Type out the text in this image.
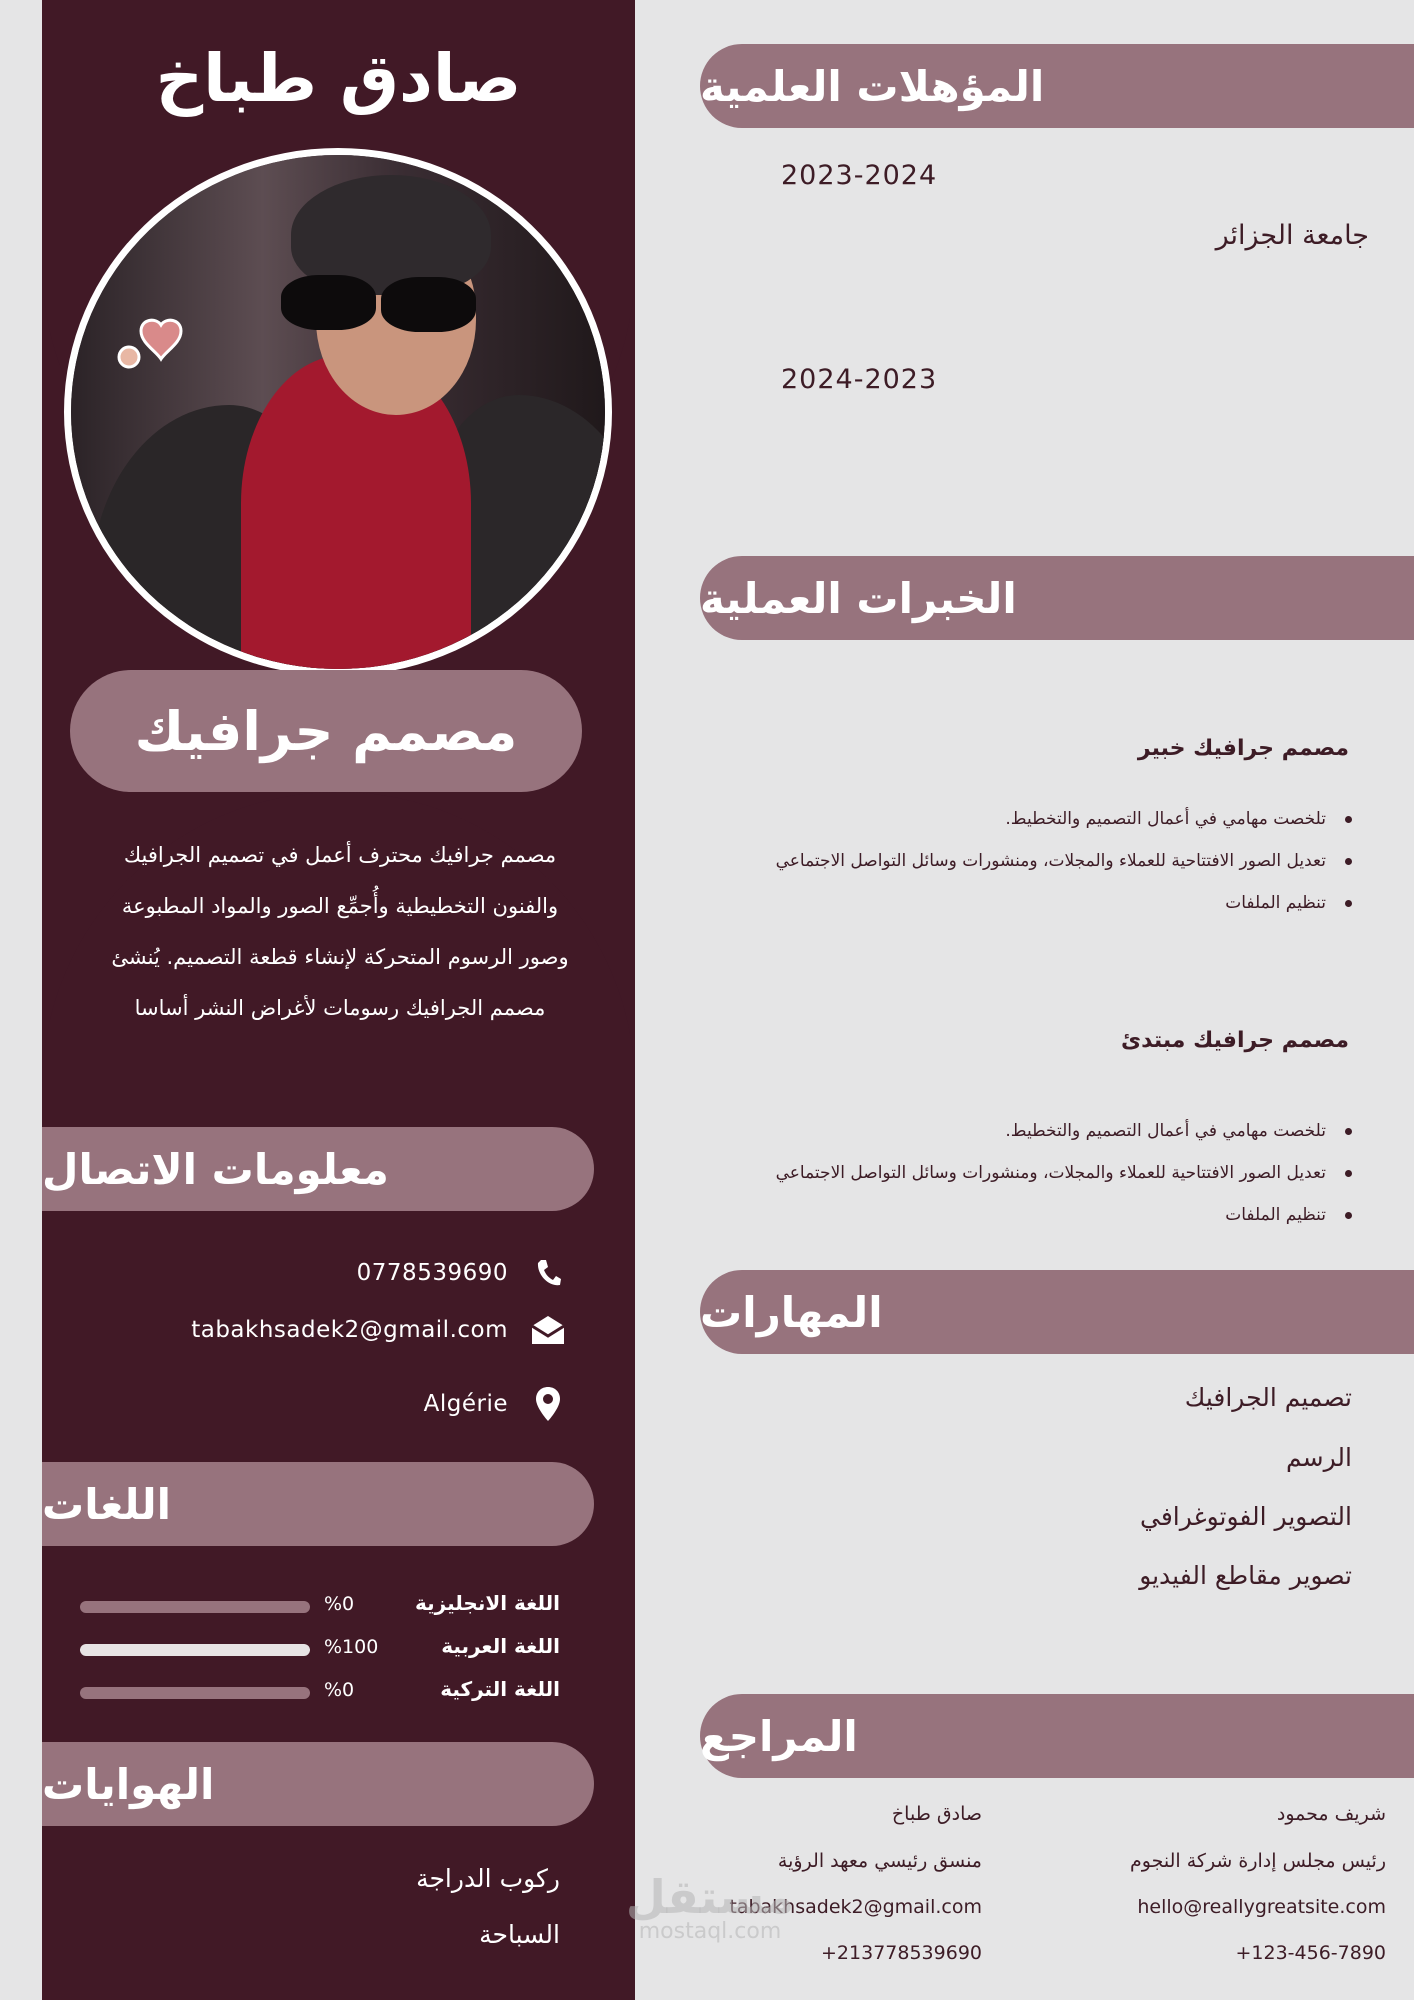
صادق طباخ
مصمم جرافيك
مصمم جرافيك محترف أعمل في تصميم الجرافيك والفنون التخطيطية وأُجمِّع الصور والمواد المطبوعة وصور الرسوم المتحركة لإنشاء قطعة التصميم. يُنشئ مصمم الجرافيك رسومات لأغراض النشر أساسا
معلومات الاتصال
0778539690
tabakhsadek2@gmail.com
Algérie
اللغات
%0	اللغة الانجليزية
%100	اللغة العربية
%0	اللغة التركية
الهوايات
ركوب الدراجة
السباحة
المؤهلات العلمية
2023-2024
جامعة الجزائر
2024-2023
الخبرات العملية
مصمم جرافيك خبير
تلخصت مهامي في أعمال التصميم والتخطيط.
تعديل الصور الافتتاحية للعملاء والمجلات، ومنشورات وسائل التواصل الاجتماعي
تنظيم الملفات
مصمم جرافيك مبتدئ
تلخصت مهامي في أعمال التصميم والتخطيط.
تعديل الصور الافتتاحية للعملاء والمجلات، ومنشورات وسائل التواصل الاجتماعي
تنظيم الملفات
المهارات
تصميم الجرافيك
الرسم
التصوير الفوتوغرافي
تصوير مقاطع الفيديو
المراجع
شريف محمود
رئيس مجلس إدارة شركة النجوم
hello@reallygreatsite.com
+123-456-7890
صادق طباخ
منسق رئيسي معهد الرؤية
tabakhsadek2@gmail.com
+213778539690
مستقل
mostaql.com
